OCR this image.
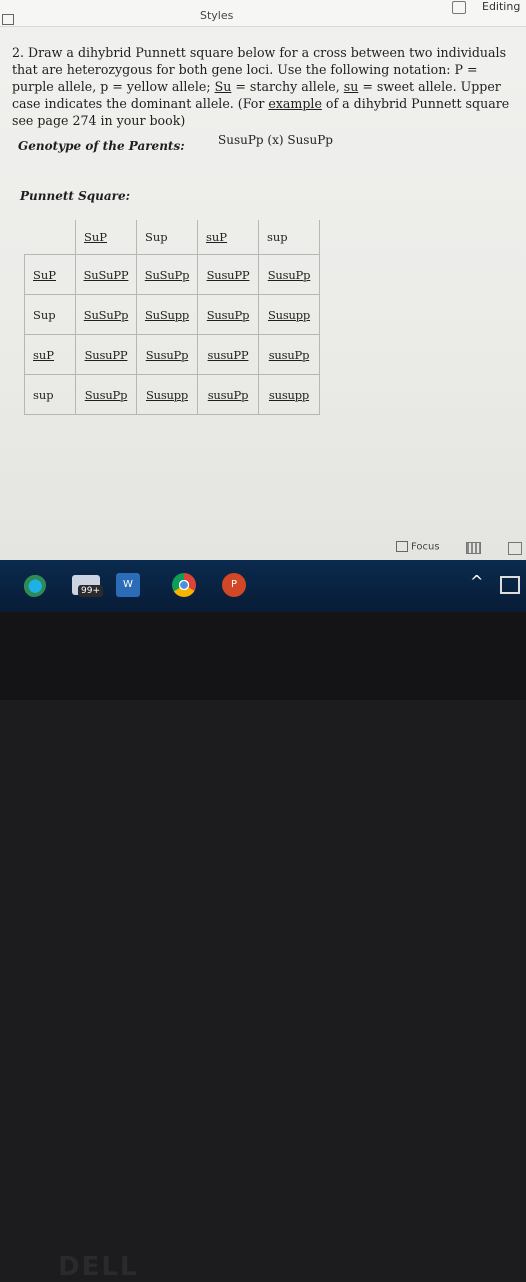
Styles
Editing
2. Draw a dihybrid Punnett square below for a cross between two individuals that are heterozygous for both gene loci. Use the following notation: P = purple allele, p = yellow allele; Su = starchy allele, su = sweet allele. Upper case indicates the dominant allele. (For example of a dihybrid Punnett square see page 274 in your book)
Genotype of the Parents:	SusuPp (x) SusuPp
Punnett Square:
	SuP	Sup	suP	sup
SuP	SuSuPP	SuSuPp	SusuPP	SusuPp
Sup	SuSuPp	SuSupp	SusuPp	Susupp
suP	SusuPP	SusuPp	susuPP	susuPp
sup	SusuPp	Susupp	susuPp	susupp
Focus
99+
W	P	^
DELL
